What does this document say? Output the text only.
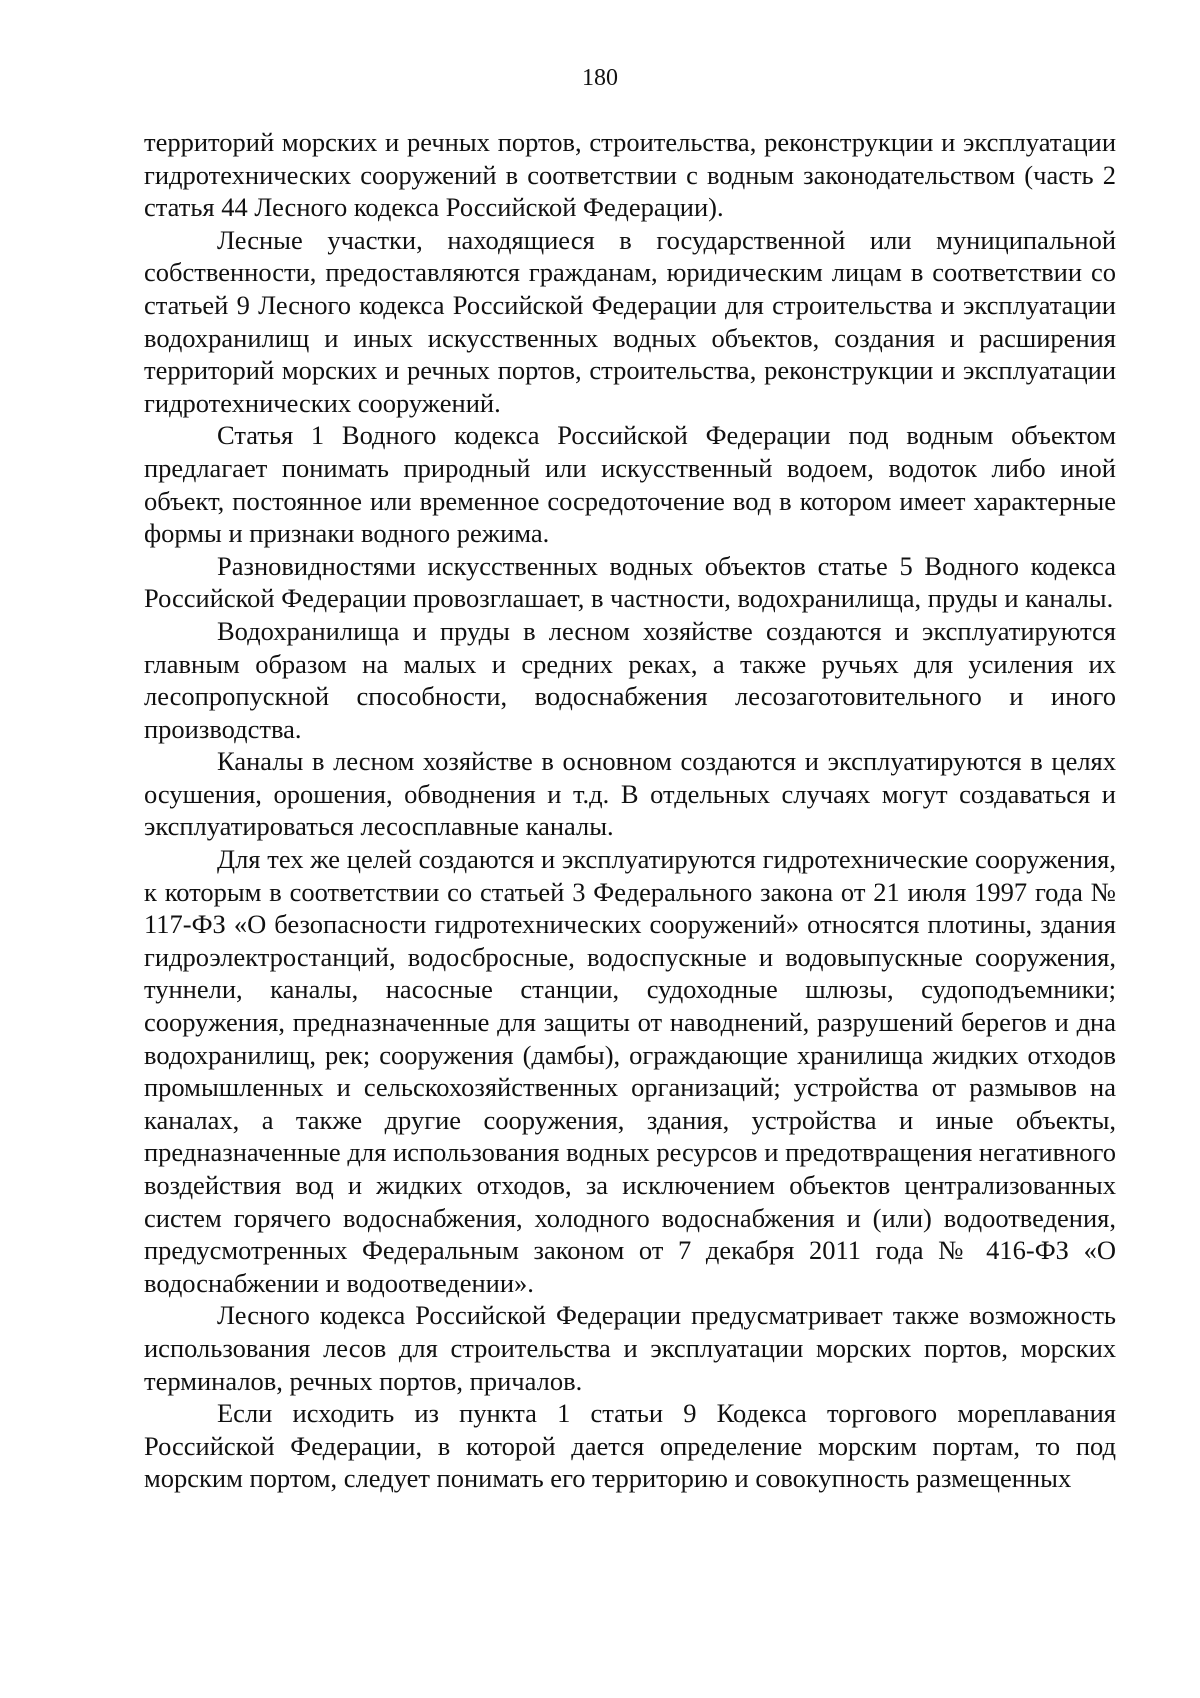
180

территорий морских и речных портов, строительства, реконструкции и эксплуатации гидротехнических сооружений в соответствии с водным законодательством (часть 2 статья 44 Лесного кодекса Российской Федерации).

Лесные участки, находящиеся в государственной или муниципальной собственности, предоставляются гражданам, юридическим лицам в соответствии со статьей 9 Лесного кодекса Российской Федерации для строительства и эксплуатации водохранилищ и иных искусственных водных объектов, создания и расширения территорий морских и речных портов, строительства, реконструкции и эксплуатации гидротехнических сооружений.

Статья 1 Водного кодекса Российской Федерации под водным объектом предлагает понимать природный или искусственный водоем, водоток либо иной объект, постоянное или временное сосредоточение вод в котором имеет характерные формы и признаки водного режима.

Разновидностями искусственных водных объектов статье 5 Водного кодекса Российской Федерации провозглашает, в частности, водохранилища, пруды и каналы.

Водохранилища и пруды в лесном хозяйстве создаются и эксплуатируются главным образом на малых и средних реках, а также ручьях для усиления их лесопропускной способности, водоснабжения лесозаготовительного и иного производства.

Каналы в лесном хозяйстве в основном создаются и эксплуатируются в целях осушения, орошения, обводнения и т.д. В отдельных случаях могут создаваться и эксплуатироваться лесосплавные каналы.

Для тех же целей создаются и эксплуатируются гидротехнические сооружения, к которым в соответствии со статьей 3 Федерального закона от 21 июля 1997 года № 117-ФЗ «О безопасности гидротехнических сооружений» относятся плотины, здания гидроэлектростанций, водосбросные, водоспускные и водовыпускные сооружения, туннели, каналы, насосные станции, судоходные шлюзы, судоподъемники; сооружения, предназначенные для защиты от наводнений, разрушений берегов и дна водохранилищ, рек; сооружения (дамбы), ограждающие хранилища жидких отходов промышленных и сельскохозяйственных организаций; устройства от размывов на каналах, а также другие сооружения, здания, устройства и иные объекты, предназначенные для использования водных ресурсов и предотвращения негативного воздействия вод и жидких отходов, за исключением объектов централизованных систем горячего водоснабжения, холодного водоснабжения и (или) водоотведения, предусмотренных Федеральным законом от 7 декабря 2011 года № 416-ФЗ «О водоснабжении и водоотведении».

Лесного кодекса Российской Федерации предусматривает также возможность использования лесов для строительства и эксплуатации морских портов, морских терминалов, речных портов, причалов.

Если исходить из пункта 1 статьи 9 Кодекса торгового мореплавания Российской Федерации, в которой дается определение морским портам, то под морским портом, следует понимать его территорию и совокупность размещенных
